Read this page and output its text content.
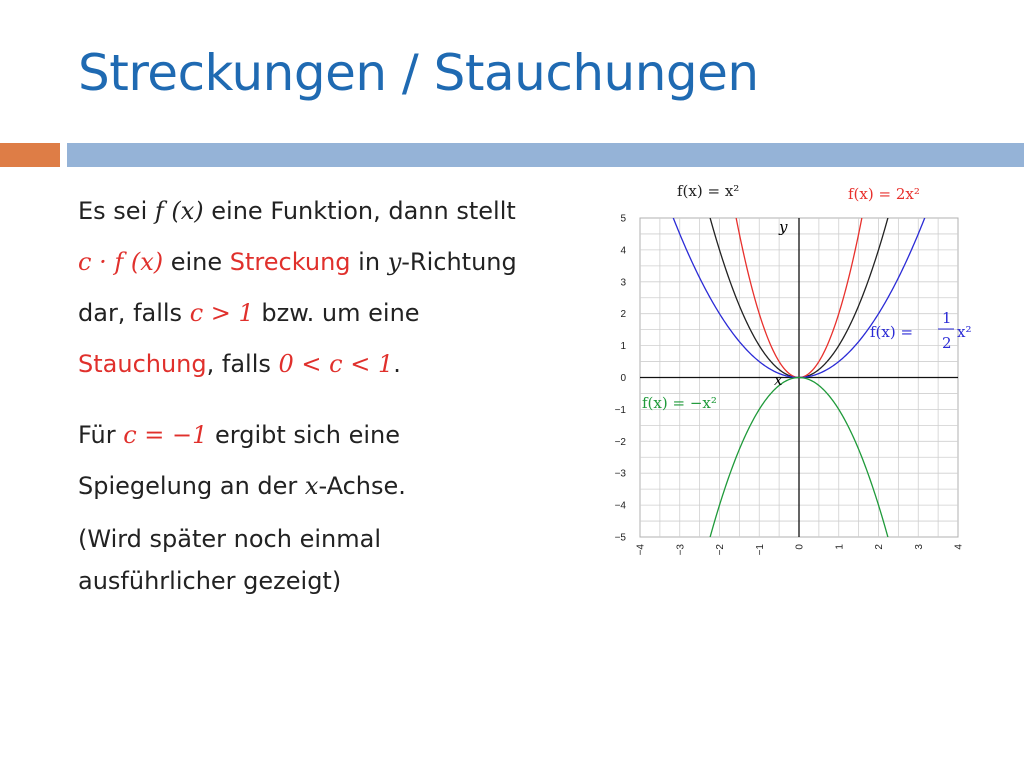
Streckungen / Stauchungen

Es sei f (x) eine Funktion, dann stellt

c · f (x) eine Streckung in y-Richtung

dar, falls c > 1 bzw. um eine

Stauchung, falls 0 < c < 1.

Für c = −1 ergibt sich eine

Spiegelung an der x-Achse.

(Wird später noch einmal

ausführlicher gezeigt)

5
4
3
2
1
0
−1
−2
−3
−4
−5
−4	−3	−2	−1	0	1	2	3	4
x
y
f(x) = x²	f(x) = 2x²
f(x) = −x²
f(x) =
1
2
x²
